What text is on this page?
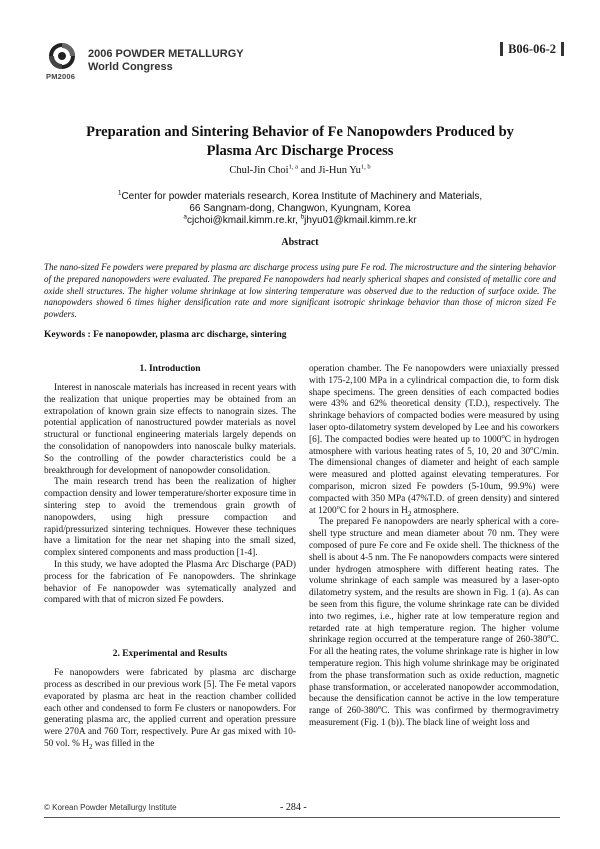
PM2006
2006 POWDER METALLURGY
World Congress
B06-06-2
Preparation and Sintering Behavior of Fe Nanopowders Produced by
Plasma Arc Discharge Process
Chul-Jin Choi$^{1, a}$ and Ji-Hun Yu$^{1, b}$
$^1$Center for powder materials research, Korea Institute of Machinery and Materials,
66 Sangnam-dong, Changwon, Kyungnam, Korea
$^a$cjchoi@kmail.kimm.re.kr, $^b$jhyu01@kmail.kimm.re.kr
Abstract
The nano-sized Fe powders were prepared by plasma arc discharge process using pure Fe rod. The microstructure and the sintering behavior of the prepared nanopowders were evaluated. The prepared Fe nanopowders had nearly spherical shapes and consisted of metallic core and oxide shell structures. The higher volume shrinkage at low sintering temperature was observed due to the reduction of surface oxide. The nanopowders showed 6 times higher densification rate and more significant isotropic shrinkage behavior than those of micron sized Fe powders.
Keywords : Fe nanopowder, plasma arc discharge, sintering
1. Introduction

Interest in nanoscale materials has increased in recent years with the realization that unique properties may be obtained from an extrapolation of known grain size effects to nanograin sizes. The potential application of nanostructured powder materials as novel structural or functional engineering materials largely depends on the consolidation of nanopowders into nanoscale bulky materials. So the controlling of the powder characteristics could be a breakthrough for development of nanopowder consolidation.

The main research trend has been the realization of higher compaction density and lower temperature/shorter exposure time in sintering step to avoid the tremendous grain growth of nanopowders, using high pressure compaction and rapid/pressurized sintering techniques. However these techniques have a limitation for the near net shaping into the small sized, complex sintered components and mass production [1-4].

In this study, we have adopted the Plasma Arc Discharge (PAD) process for the fabrication of Fe nanopowders. The shrinkage behavior of Fe nanopowder was sytematically analyzed and compared with that of micron sized Fe powders.

2. Experimental and Results

Fe nanopowders were fabricated by plasma arc discharge process as described in our previous work [5]. The Fe metal vapors evaporated by plasma arc heat in the reaction chamber collided each other and condensed to form Fe clusters or nanopowders. For generating plasma arc, the applied current and operation pressure were 270A and 760 Torr, respectively. Pure Ar gas mixed with 10-50 vol. % $H_2$ was filled in the

operation chamber. The Fe nanopowders were uniaxially pressed with 175-2,100 MPa in a cylindrical compaction die, to form disk shape specimens. The green densities of each compacted bodies were 43% and 62% theoretical density (T.D.), respectively. The shrinkage behaviors of compacted bodies were measured by using laser opto-dilatometry system developed by Lee and his coworkers [6]. The compacted bodies were heated up to 1000$^o$C in hydrogen atmosphere with various heating rates of 5, 10, 20 and 30$^o$C/min. The dimensional changes of diameter and height of each sample were measured and plotted against elevating temperatures. For comparison, micron sized Fe powders (5-10um, 99.9%) were compacted with 350 MPa (47%T.D. of green density) and sintered at 1200$^o$C for 2 hours in $H_2$ atmosphere.

The prepared Fe nanopowders are nearly spherical with a core-shell type structure and mean diameter about 70 nm. They were composed of pure Fe core and Fe oxide shell. The thickness of the shell is about 4-5 nm. The Fe nanopowders compacts were sintered under hydrogen atmosphere with different heating rates. The volume shrinkage of each sample was measured by a laser-opto dilatometry system, and the results are shown in Fig. 1 (a). As can be seen from this figure, the volume shrinkage rate can be divided into two regimes, i.e., higher rate at low temperature region and retarded rate at high temperature region. The higher volume shrinkage region occurred at the temperature range of 260-380$^o$C. For all the heating rates, the volume shrinkage rate is higher in low temperature region. This high volume shrinkage may be originated from the phase transformation such as oxide reduction, magnetic phase transformation, or accelerated nanopowder accommodation, because the densification cannot be active in the low temperature range of 260-380$^o$C. This was confirmed by thermogravimetry measurement (Fig. 1 (b)). The black line of weight loss and

© Korean Powder Metallurgy Institute	- 284 -
